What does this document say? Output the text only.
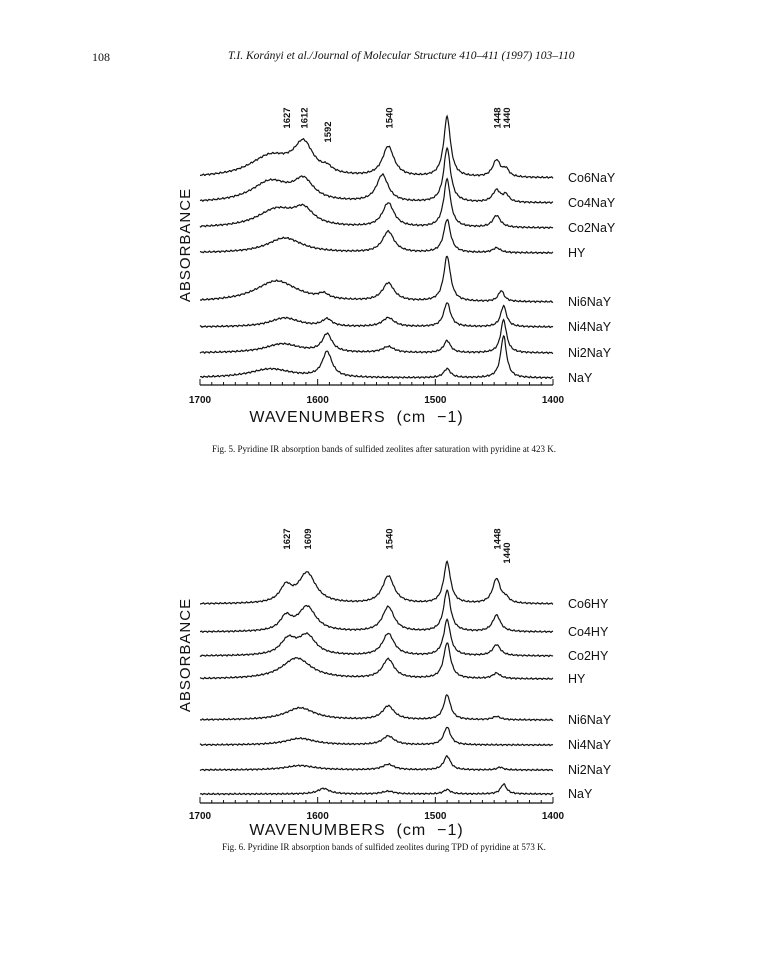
108	T.I. Korányi et al./Journal of Molecular Structure 410–411 (1997) 103–110
1700	1600	1500	1400
WAVENUMBERS  (cm  −1)
ABSORBANCE
1627 1612
1592
1540	1448
1440
Co6NaY
Co4NaY
Co2NaY
HY
Ni6NaY
Ni4NaY
Ni2NaY
NaY
Fig. 5. Pyridine IR absorption bands of sulfided zeolites after saturation with pyridine at 423 K.
1700	1600	1500	1400
WAVENUMBERS  (cm  −1)
ABSORBANCE
1627 1609	1540	1448
1440
Co6HY
Co4HY
Co2HY
HY
Ni6NaY
Ni4NaY
Ni2NaY
NaY
Fig. 6. Pyridine IR absorption bands of sulfided zeolites during TPD of pyridine at 573 K.
